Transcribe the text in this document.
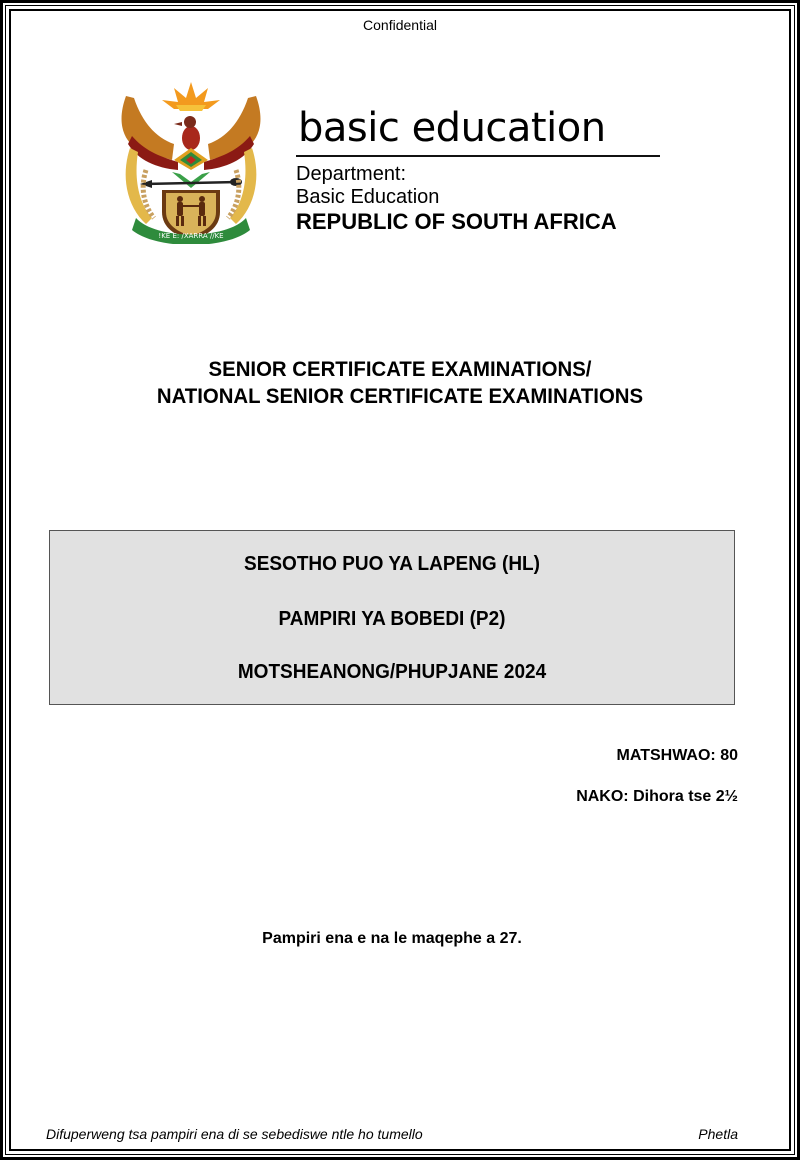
Confidential
!KE E: /XARRA //KE
basic education
Department:
Basic Education
REPUBLIC OF SOUTH AFRICA
SENIOR CERTIFICATE EXAMINATIONS/
NATIONAL SENIOR CERTIFICATE EXAMINATIONS
SESOTHO PUO YA LAPENG (HL)
PAMPIRI YA BOBEDI (P2)
MOTSHEANONG/PHUPJANE 2024
MATSHWAO: 80
NAKO: Dihora tse 2½
Pampiri ena e na le maqephe a 27.
Difuperweng tsa pampiri ena di se sebediswe ntle ho tumello	Phetla
